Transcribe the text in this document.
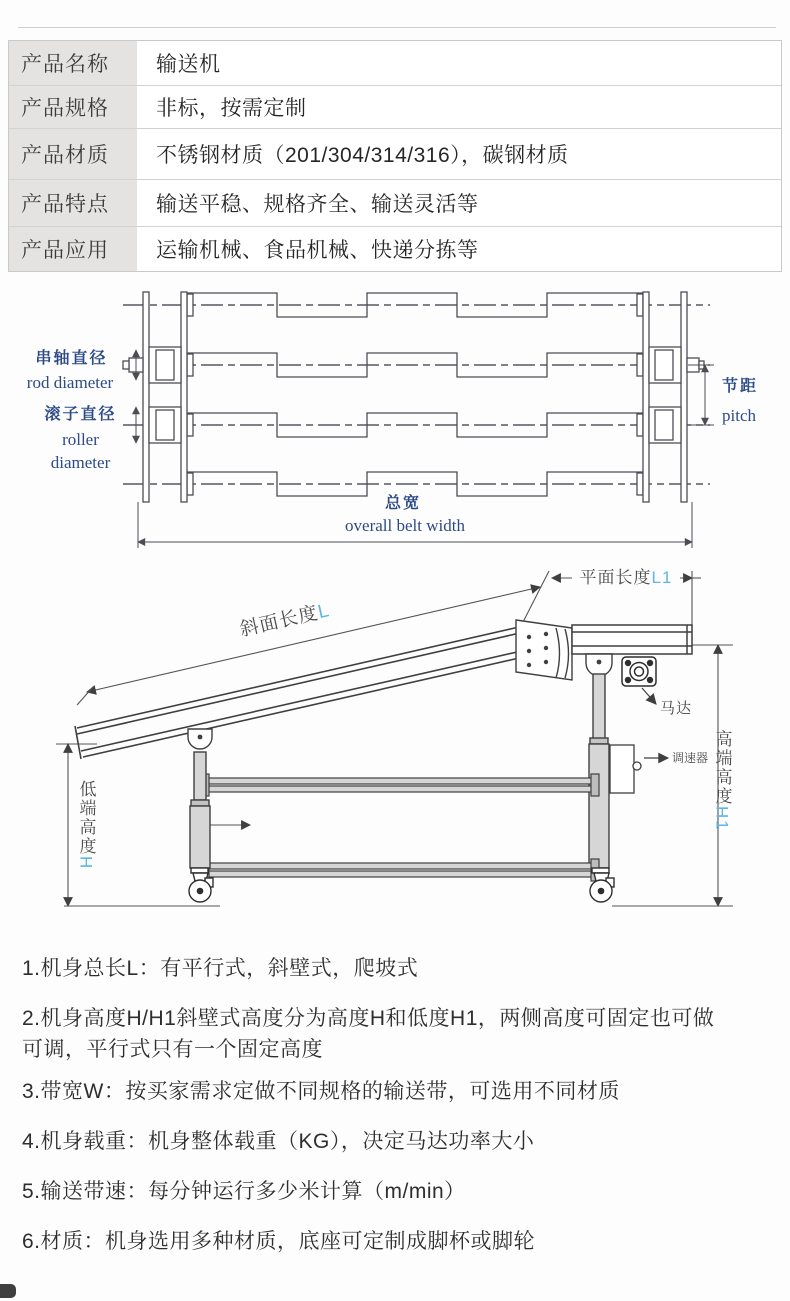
产品名称	输送机
产品规格	非标，按需定制
产品材质	不锈钢材质（201/304/314/316），碳钢材质
产品特点	输送平稳、规格齐全、输送灵活等
产品应用	运输机械、食品机械、快递分拣等
串轴直径
rod diameter
滚子直径
roller
diameter
节距
pitch
总宽
overall belt width
斜面长度L
平面长度L1
马达
调速器 高端高度H1
低端高度H
1.机身总长L：有平行式，斜壁式，爬坡式
2.机身高度H/H1斜壁式高度分为高度H和低度H1，两侧高度可固定也可做可调，平行式只有一个固定高度
3.带宽W：按买家需求定做不同规格的输送带，可选用不同材质
4.机身载重：机身整体载重（KG），决定马达功率大小
5.输送带速：每分钟运行多少米计算（m/min）
6.材质：机身选用多种材质，底座可定制成脚杯或脚轮
